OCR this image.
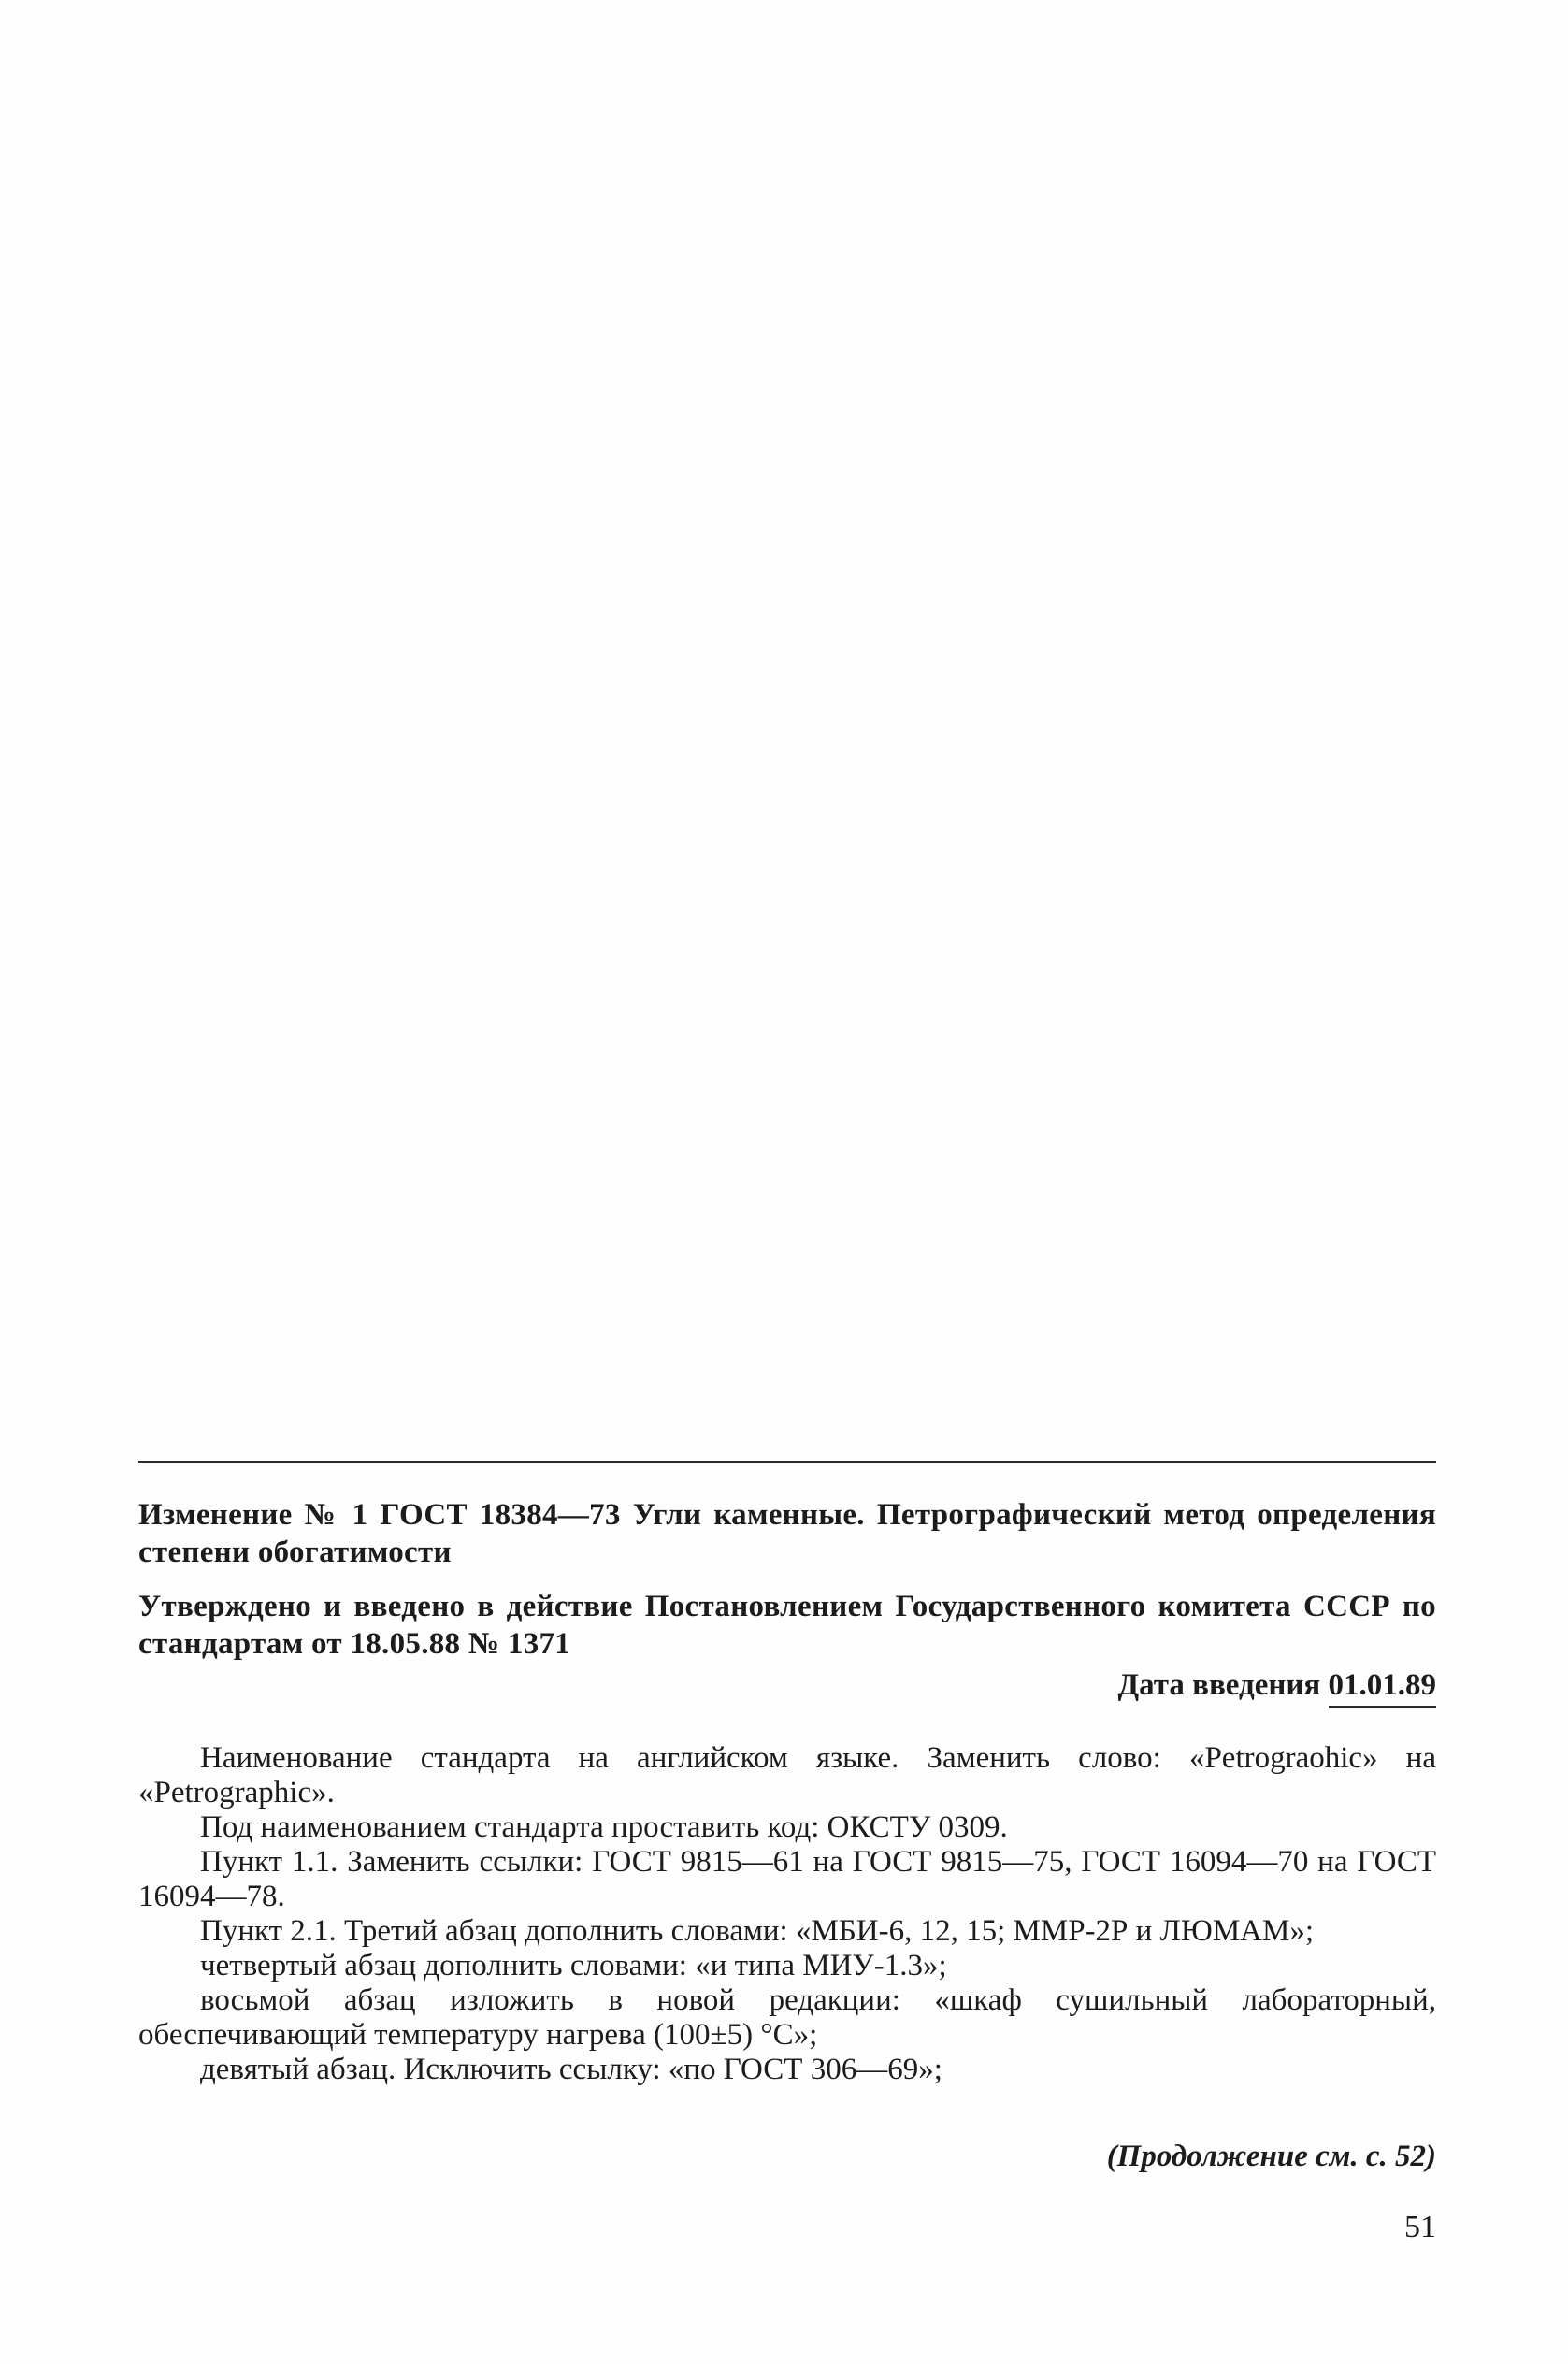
Изменение № 1 ГОСТ 18384—73 Угли каменные. Петрографический метод определения степени обогатимости
Утверждено и введено в действие Постановлением Государственного комитета СССР по стандартам от 18.05.88 № 1371
Дата введения 01.01.89

Наименование стандарта на английском языке. Заменить слово: «Petrograohic» на «Petrographic».

Под наименованием стандарта проставить код: ОКСТУ 0309.

Пункт 1.1. Заменить ссылки: ГОСТ 9815—61 на ГОСТ 9815—75, ГОСТ 16094—70 на ГОСТ 16094—78.

Пункт 2.1. Третий абзац дополнить словами: «МБИ-6, 12, 15; ММР-2Р и ЛЮМАМ»;

четвертый абзац дополнить словами: «и типа МИУ-1.3»;

восьмой абзац изложить в новой редакции: «шкаф сушильный лабораторный, обеспечивающий температуру нагрева (100±5) °С»;

девятый абзац. Исключить ссылку: «по ГОСТ 306—69»;

(Продолжение см. с. 52)
51
